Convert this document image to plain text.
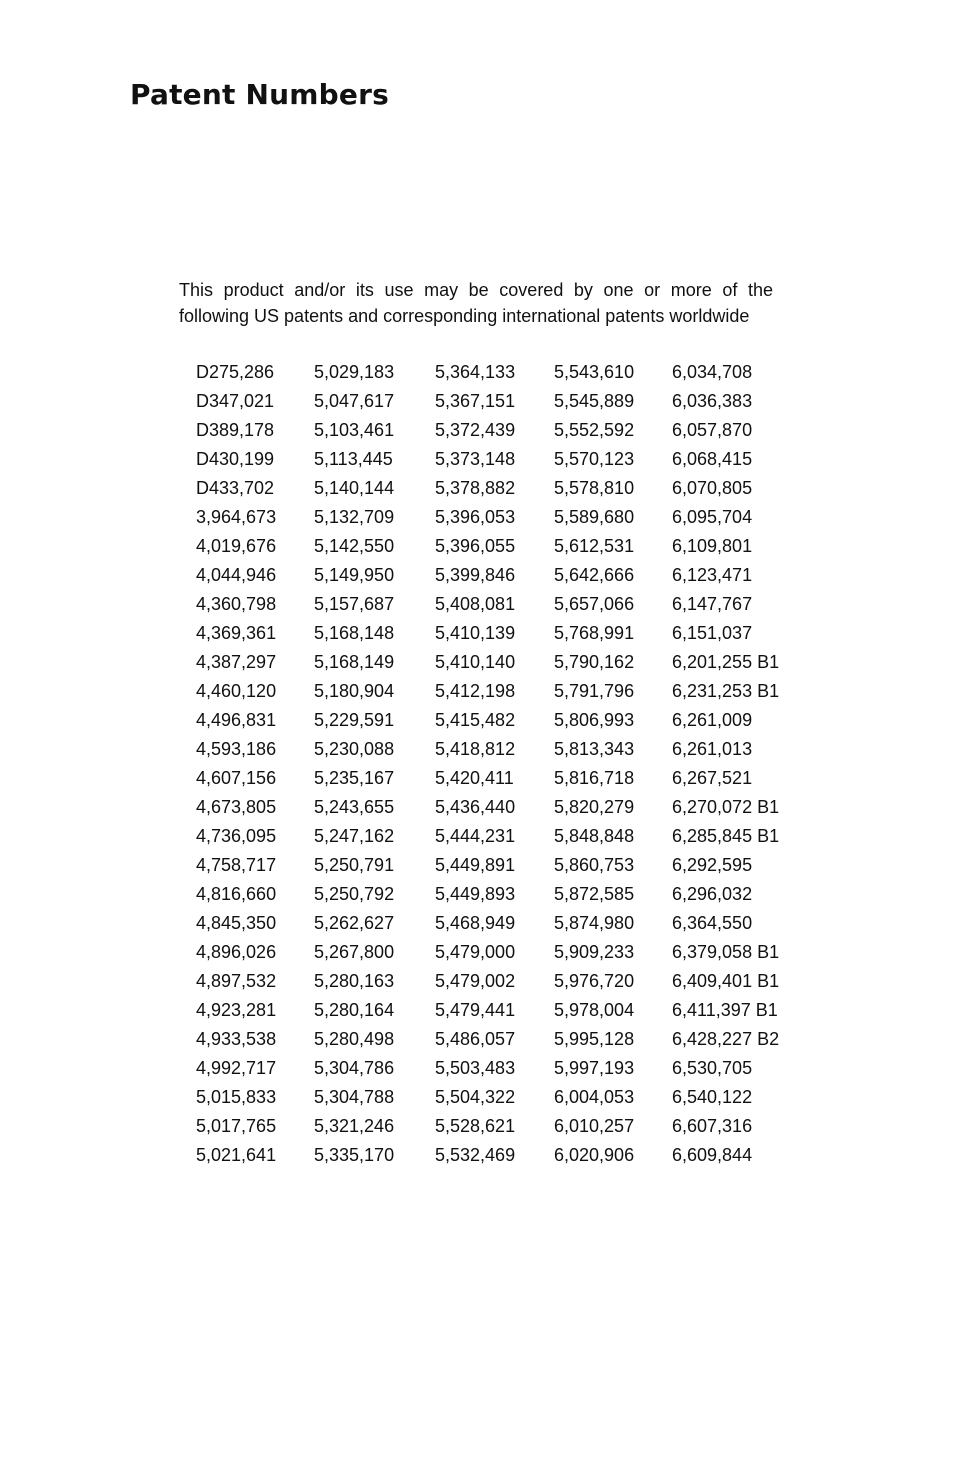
Patent Numbers

This product and/or its use may be covered by one or more of the following US patents and corresponding international patents worldwide

D275,286	5,029,183	5,364,133	5,543,610	6,034,708
D347,021	5,047,617	5,367,151	5,545,889	6,036,383
D389,178	5,103,461	5,372,439	5,552,592	6,057,870
D430,199	5,113,445	5,373,148	5,570,123	6,068,415
D433,702	5,140,144	5,378,882	5,578,810	6,070,805
3,964,673	5,132,709	5,396,053	5,589,680	6,095,704
4,019,676	5,142,550	5,396,055	5,612,531	6,109,801
4,044,946	5,149,950	5,399,846	5,642,666	6,123,471
4,360,798	5,157,687	5,408,081	5,657,066	6,147,767
4,369,361	5,168,148	5,410,139	5,768,991	6,151,037
4,387,297	5,168,149	5,410,140	5,790,162	6,201,255 B1
4,460,120	5,180,904	5,412,198	5,791,796	6,231,253 B1
4,496,831	5,229,591	5,415,482	5,806,993	6,261,009
4,593,186	5,230,088	5,418,812	5,813,343	6,261,013
4,607,156	5,235,167	5,420,411	5,816,718	6,267,521
4,673,805	5,243,655	5,436,440	5,820,279	6,270,072 B1
4,736,095	5,247,162	5,444,231	5,848,848	6,285,845 B1
4,758,717	5,250,791	5,449,891	5,860,753	6,292,595
4,816,660	5,250,792	5,449,893	5,872,585	6,296,032
4,845,350	5,262,627	5,468,949	5,874,980	6,364,550
4,896,026	5,267,800	5,479,000	5,909,233	6,379,058 B1
4,897,532	5,280,163	5,479,002	5,976,720	6,409,401 B1
4,923,281	5,280,164	5,479,441	5,978,004	6,411,397 B1
4,933,538	5,280,498	5,486,057	5,995,128	6,428,227 B2
4,992,717	5,304,786	5,503,483	5,997,193	6,530,705
5,015,833	5,304,788	5,504,322	6,004,053	6,540,122
5,017,765	5,321,246	5,528,621	6,010,257	6,607,316
5,021,641	5,335,170	5,532,469	6,020,906	6,609,844
